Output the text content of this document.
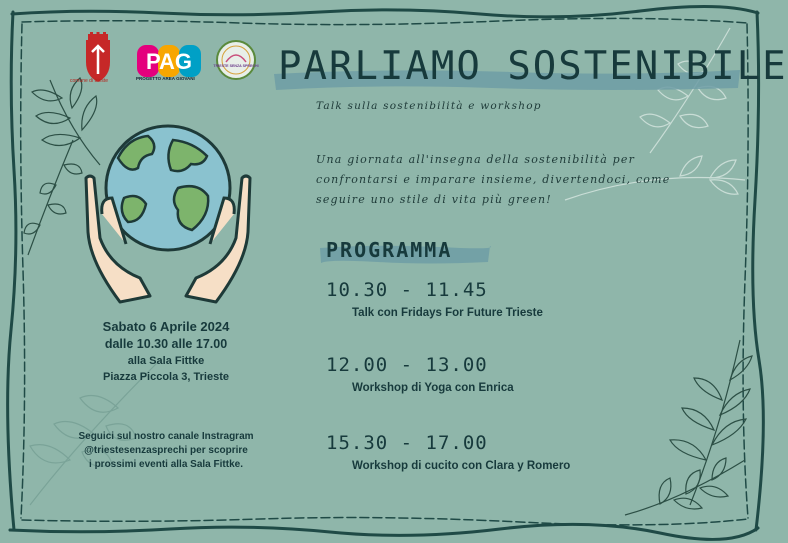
comune di trieste
PAG
PROGETTO AREA GIOVANI
TRIESTE SENZA SPRECHI PARLIAMO SOSTENIBILE
Talk sulla sostenibilità e workshop
Una giornata all'insegna della sostenibilità per
confrontarsi e imparare insieme, divertendoci, come
seguire uno stile di vita più green!
PROGRAMMA
10.30 - 11.45
Talk con Fridays For Future Trieste
12.00 - 13.00
Workshop di Yoga con Enrica
15.30 - 17.00
Workshop di cucito con Clara y Romero
Sabato 6 Aprile 2024
dalle 10.30 alle 17.00
alla Sala Fittke
Piazza Piccola 3, Trieste
Seguici sul nostro canale Instragram
@triestesenzasprechi per scoprire
i prossimi eventi alla Sala Fittke.
